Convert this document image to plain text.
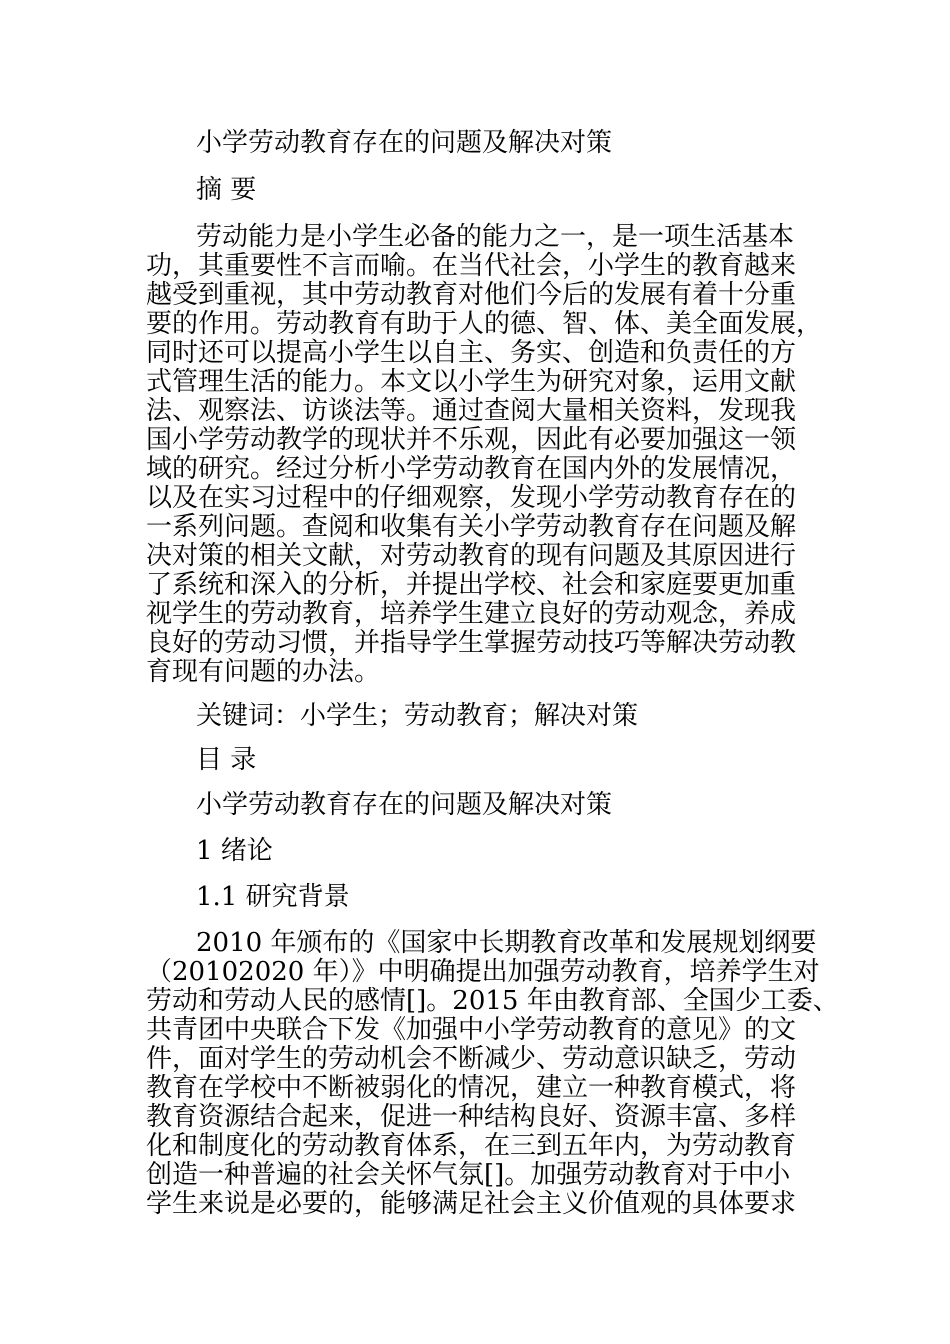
小学劳动教育存在的问题及解决对策
摘 要
劳动能力是小学生必备的能力之一，是一项生活基本
功，其重要性不言而喻。在当代社会，小学生的教育越来
越受到重视，其中劳动教育对他们今后的发展有着十分重
要的作用。劳动教育有助于人的德、智、体、美全面发展，
同时还可以提高小学生以自主、务实、创造和负责任的方
式管理生活的能力。本文以小学生为研究对象，运用文献
法、观察法、访谈法等。通过查阅大量相关资料，发现我
国小学劳动教学的现状并不乐观，因此有必要加强这一领
域的研究。经过分析小学劳动教育在国内外的发展情况，
以及在实习过程中的仔细观察，发现小学劳动教育存在的
一系列问题。查阅和收集有关小学劳动教育存在问题及解
决对策的相关文献，对劳动教育的现有问题及其原因进行
了系统和深入的分析，并提出学校、社会和家庭要更加重
视学生的劳动教育，培养学生建立良好的劳动观念，养成
良好的劳动习惯，并指导学生掌握劳动技巧等解决劳动教
育现有问题的办法。
关键词：小学生；劳动教育；解决对策
目 录
小学劳动教育存在的问题及解决对策
1 绪论
1.1 研究背景
2010 年颁布的《国家中长期教育改革和发展规划纲要
（20102020 年）》中明确提出加强劳动教育，培养学生对
劳动和劳动人民的感情[]。2015 年由教育部、全国少工委、
共青团中央联合下发《加强中小学劳动教育的意见》的文
件，面对学生的劳动机会不断减少、劳动意识缺乏，劳动
教育在学校中不断被弱化的情况，建立一种教育模式，将
教育资源结合起来，促进一种结构良好、资源丰富、多样
化和制度化的劳动教育体系，在三到五年内，为劳动教育
创造一种普遍的社会关怀气氛[]。加强劳动教育对于中小
学生来说是必要的，能够满足社会主义价值观的具体要求
